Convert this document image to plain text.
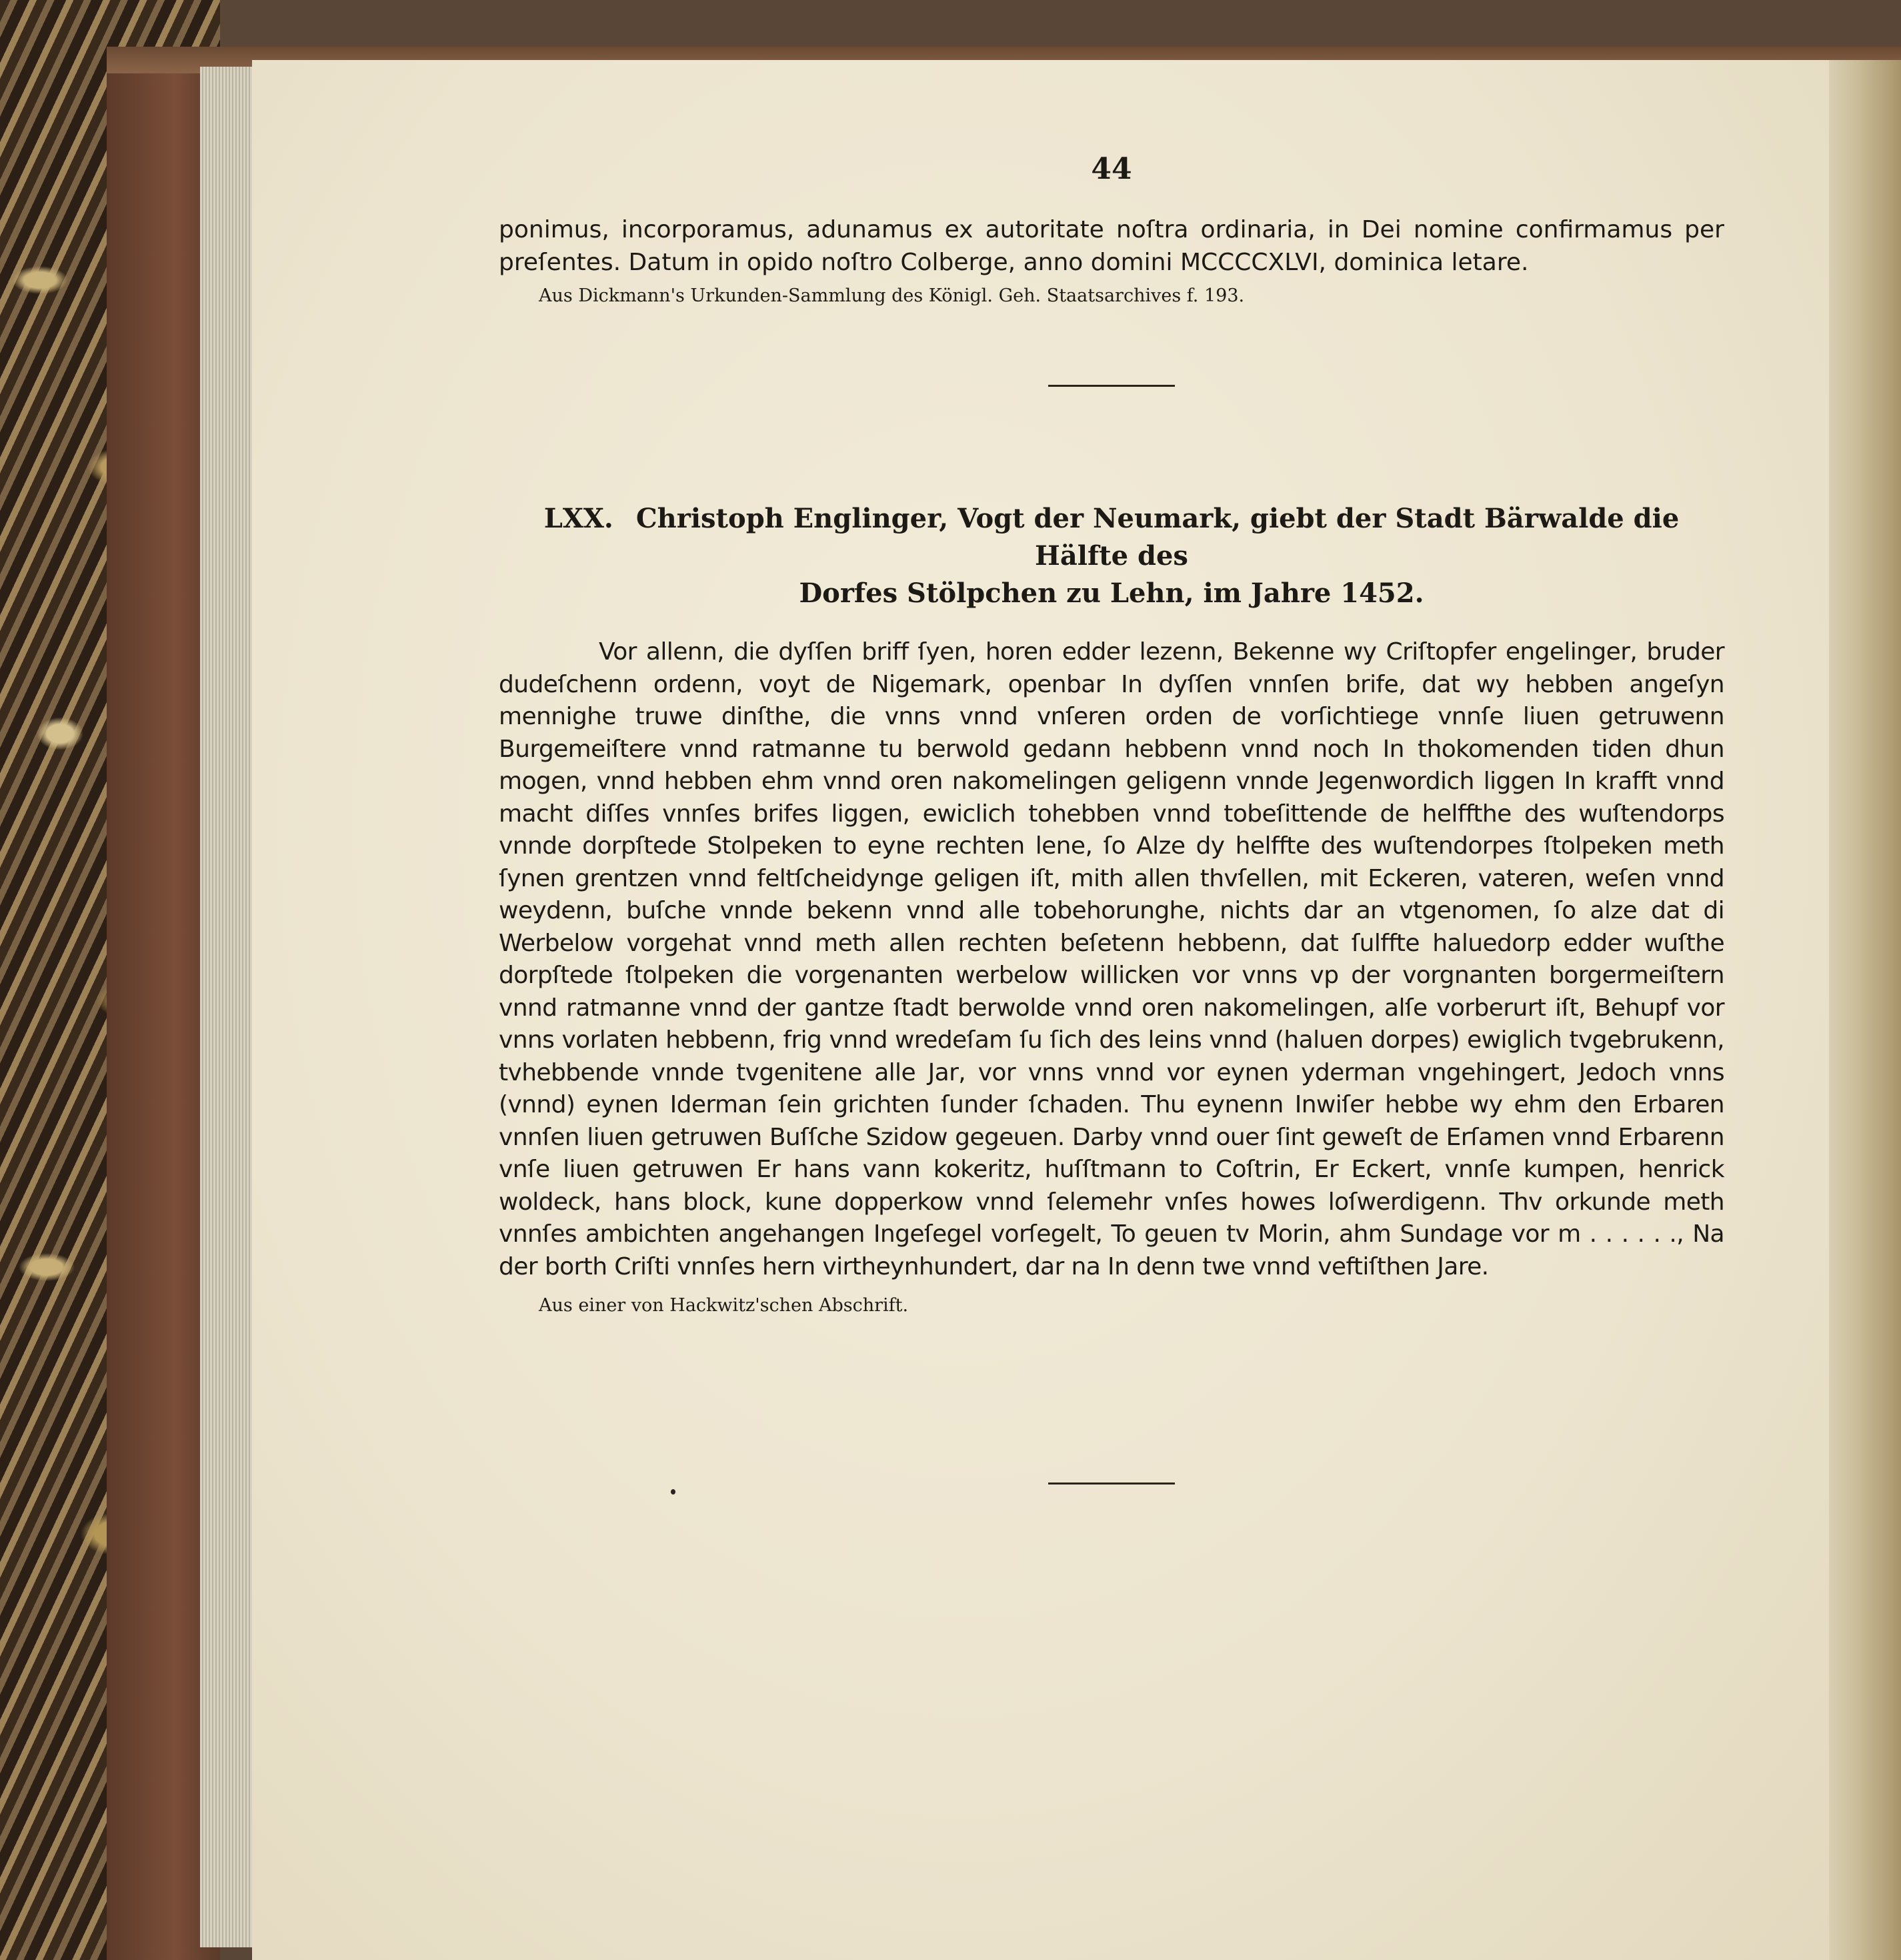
44

ponimus, incorporamus, adunamus ex autoritate noſtra ordinaria, in Dei nomine confirmamus per preſentes. Datum in opido noſtro Colberge, anno domini MCCCCXLVI, dominica letare.

Aus Dickmann's Urkunden-Sammlung des Königl. Geh. Staatsarchives f. 193.

LXX. Christoph Englinger, Vogt der Neumark, giebt der Stadt Bärwalde die Hälfte des
Dorfes Stölpchen zu Lehn, im Jahre 1452.

Vor allenn, die dyſſen briff ſyen, horen edder lezenn, Bekenne wy Criſtopfer engelinger, bruder dudeſchenn ordenn, voyt de Nigemark, openbar In dyſſen vnnſen brife, dat wy hebben angeſyn mennighe truwe dinſthe, die vnns vnnd vnſeren orden de vorſichtiege vnnſe liuen getruwenn Burgemeiſtere vnnd ratmanne tu berwold gedann hebbenn vnnd noch In thokomenden tiden dhun mogen, vnnd hebben ehm vnnd oren nakomelingen geligenn vnnde Jegenwordich liggen In krafft vnnd macht diſſes vnnſes brifes liggen, ewiclich tohebben vnnd tobeſittende de helffthe des wuſtendorps vnnde dorpſtede Stolpeken to eyne rechten lene, ſo Alze dy helffte des wuſtendorpes ſtolpeken meth ſynen grentzen vnnd feltſcheidynge geligen iſt, mith allen thvſellen, mit Eckeren, vateren, weſen vnnd weydenn, buſche vnnde bekenn vnnd alle tobehorunghe, nichts dar an vtgenomen, ſo alze dat di Werbelow vorgehat vnnd meth allen rechten beſetenn hebbenn, dat ſulffte haluedorp edder wuſthe dorpſtede ſtolpeken die vorgenanten werbelow willicken vor vnns vp der vorgnanten borgermeiſtern vnnd ratmanne vnnd der gantze ſtadt berwolde vnnd oren nakomelingen, alſe vorberurt iſt, Behupf vor vnns vorlaten hebbenn, frig vnnd wredeſam ſu ſich des leins vnnd (haluen dorpes) ewiglich tvgebrukenn, tvhebbende vnnde tvgenitene alle Jar, vor vnns vnnd vor eynen yderman vngehingert, Jedoch vnns (vnnd) eynen Iderman ſein grichten ſunder ſchaden. Thu eynenn Inwiſer hebbe wy ehm den Erbaren vnnſen liuen getruwen Buſſche Szidow gegeuen. Darby vnnd ouer ſint geweſt de Erſamen vnnd Erbarenn vnſe liuen getruwen Er hans vann kokeritz, huſſtmann to Coſtrin, Er Eckert, vnnſe kumpen, henrick woldeck, hans block, kune dopperkow vnnd ſelemehr vnſes howes loſwerdigenn. Thv orkunde meth vnnſes ambichten angehangen Ingeſegel vorſegelt, To geuen tv Morin, ahm Sundage vor m . . . . . ., Na der borth Criſti vnnſes hern virtheynhundert, dar na In denn twe vnnd veftiſthen Jare.

Aus einer von Hackwitz'schen Abschrift.
